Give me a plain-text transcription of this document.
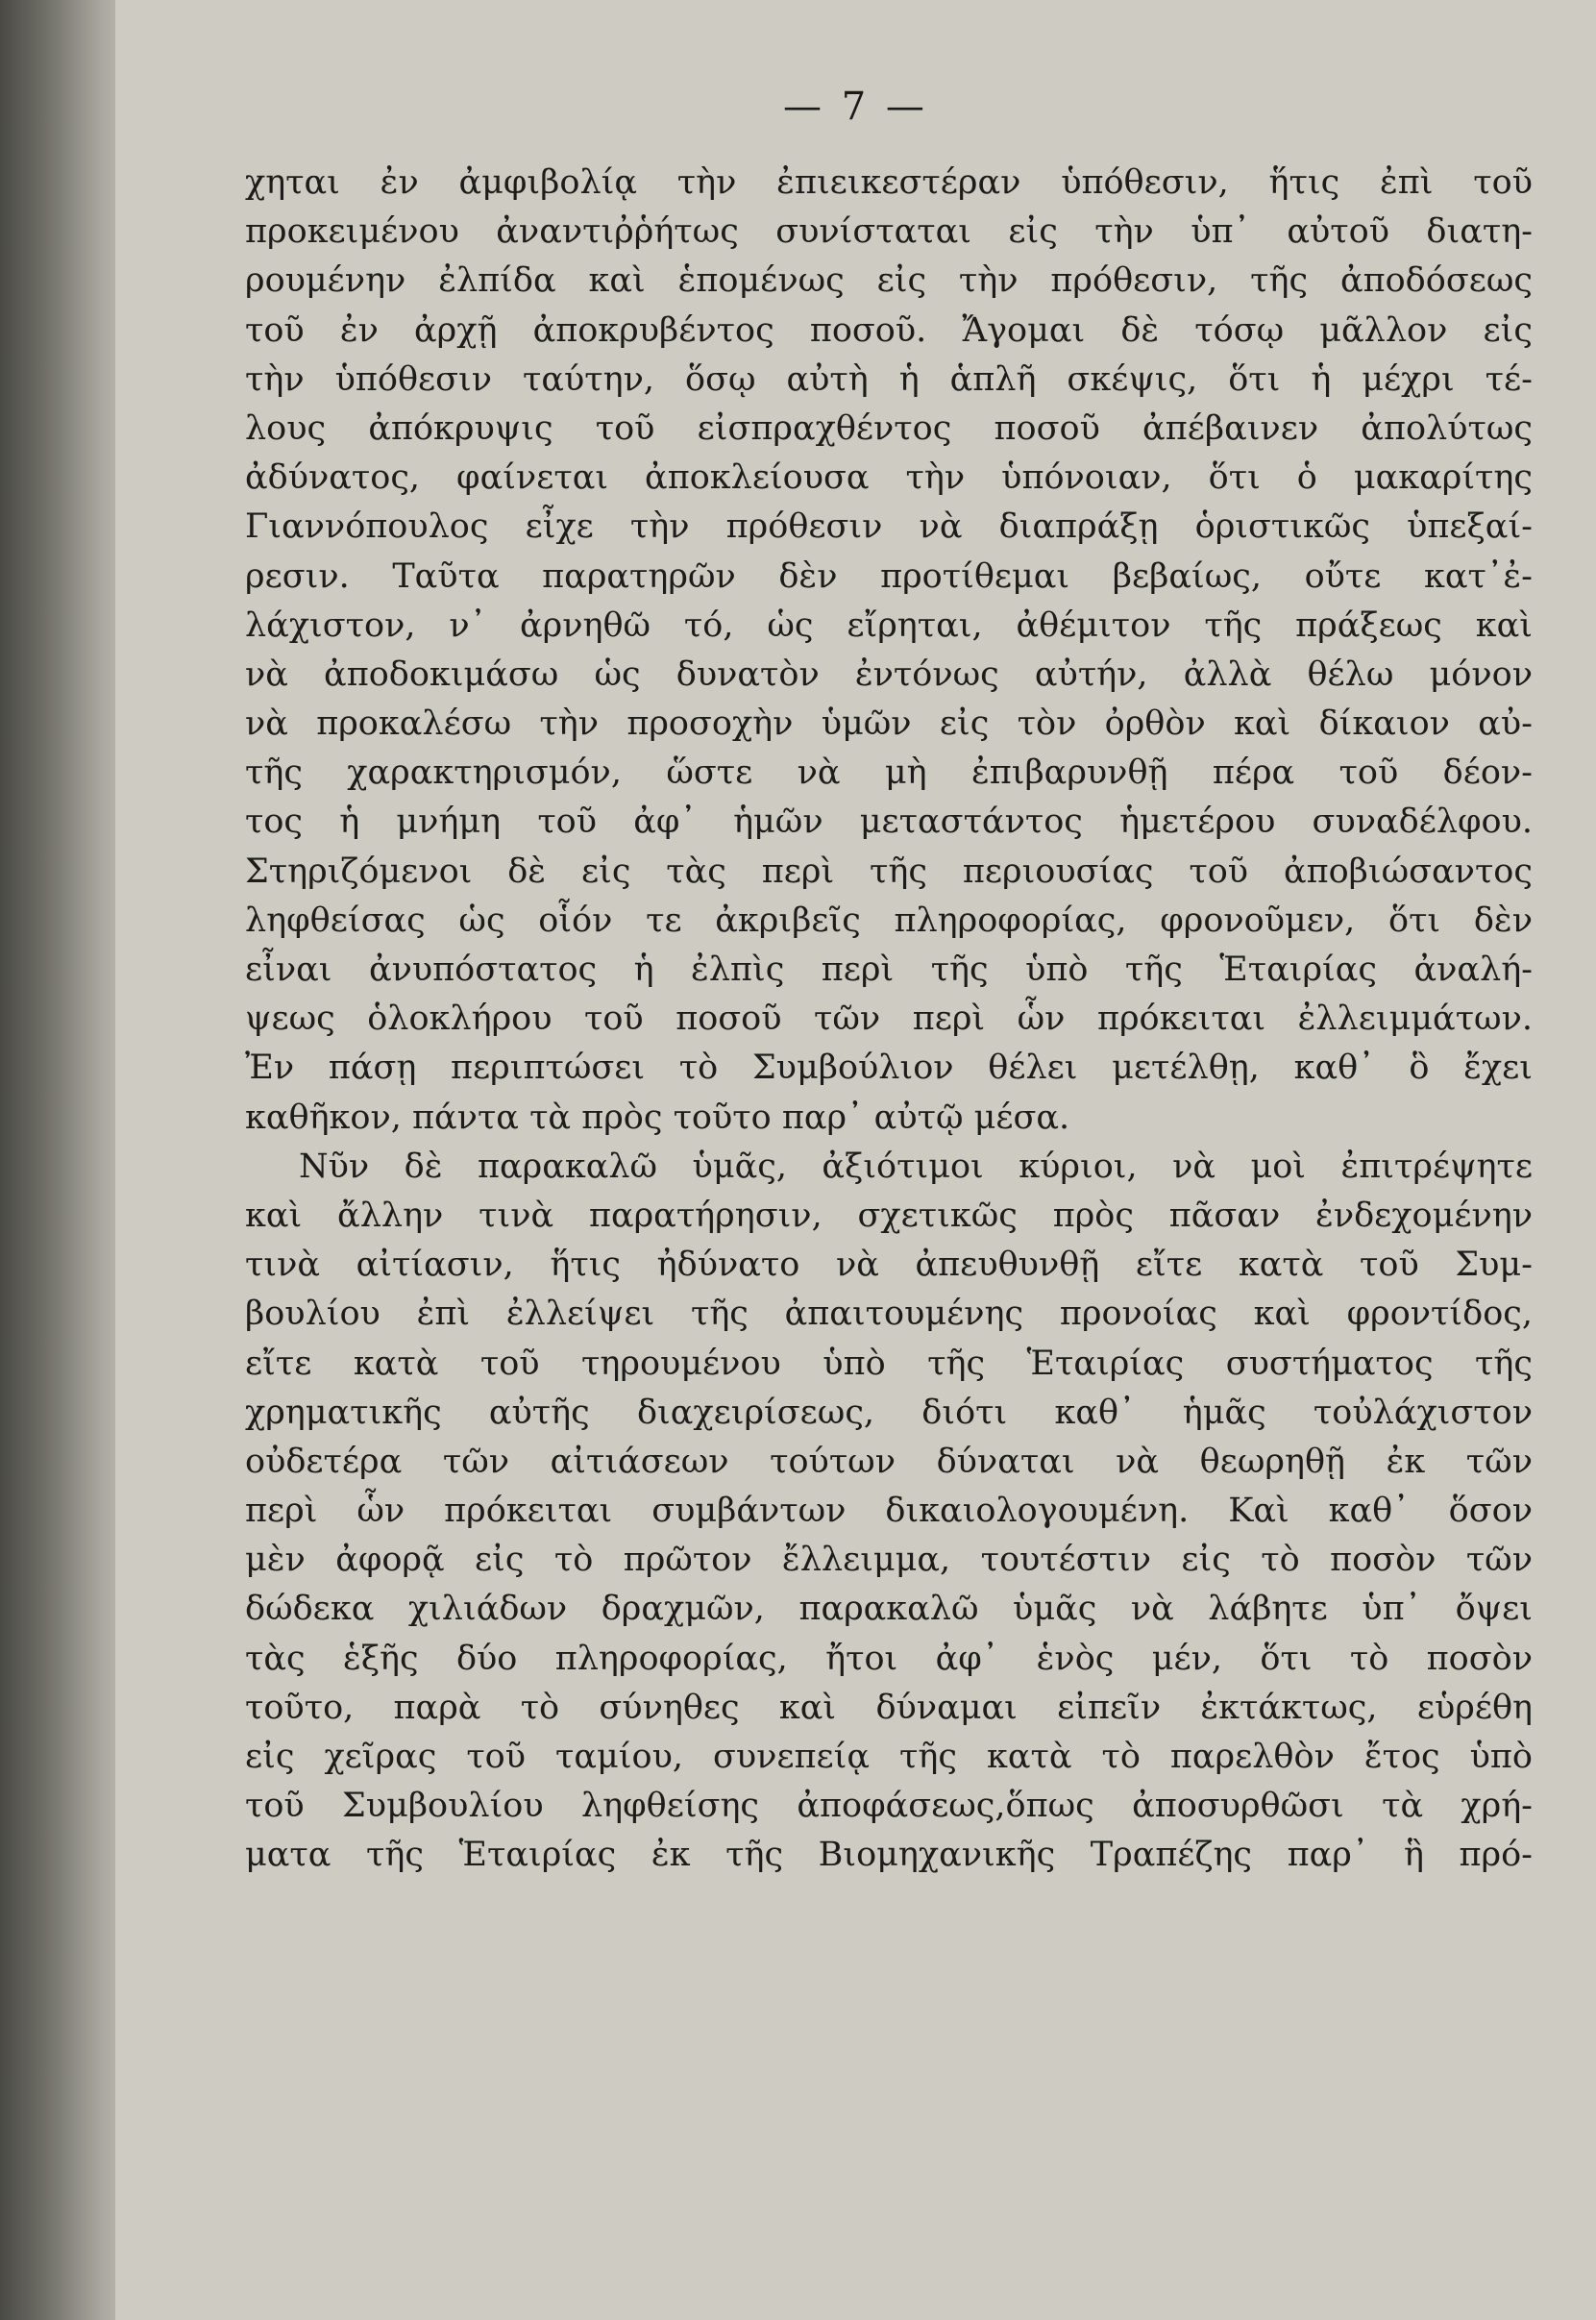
— 7 —
χηται ἐν ἀμφιβολίᾳ τὴν ἐπιεικεστέραν ὑπόθεσιν, ἥτις ἐπὶ τοῦ
προκειμένου ἀναντιῤῥήτως συνίσταται εἰς τὴν ὑπ᾽ αὐτοῦ διατη-
ρουμένην ἐλπίδα καὶ ἑπομένως εἰς τὴν πρόθεσιν, τῆς ἀποδόσεως
τοῦ ἐν ἀρχῇ ἀποκρυβέντος ποσοῦ. Ἄγομαι δὲ τόσῳ μᾶλλον εἰς
τὴν ὑπόθεσιν ταύτην, ὅσῳ αὐτὴ ἡ ἁπλῆ σκέψις, ὅτι ἡ μέχρι τέ-
λους ἀπόκρυψις τοῦ εἰσπραχθέντος ποσοῦ ἀπέβαινεν ἀπολύτως
ἀδύνατος, φαίνεται ἀποκλείουσα τὴν ὑπόνοιαν, ὅτι ὁ μακαρίτης
Γιαννόπουλος εἶχε τὴν πρόθεσιν νὰ διαπράξῃ ὁριστικῶς ὑπεξαί-
ρεσιν. Ταῦτα παρατηρῶν δὲν προτίθεμαι βεβαίως, οὔτε κατ᾽ἐ-
λάχιστον, ν᾽ ἀρνηθῶ τό, ὡς εἴρηται, ἀθέμιτον τῆς πράξεως καὶ
νὰ ἀποδοκιμάσω ὡς δυνατὸν ἐντόνως αὐτήν, ἀλλὰ θέλω μόνον
νὰ προκαλέσω τὴν προσοχὴν ὑμῶν εἰς τὸν ὀρθὸν καὶ δίκαιον αὐ-
τῆς χαρακτηρισμόν, ὥστε νὰ μὴ ἐπιβαρυνθῇ πέρα τοῦ δέον-
τος ἡ μνήμη τοῦ ἀφ᾽ ἡμῶν μεταστάντος ἡμετέρου συναδέλφου.
Στηριζόμενοι δὲ εἰς τὰς περὶ τῆς περιουσίας τοῦ ἀποβιώσαντος
ληφθείσας ὡς οἷόν τε ἀκριβεῖς πληροφορίας, φρονοῦμεν, ὅτι δὲν
εἶναι ἀνυπόστατος ἡ ἐλπὶς περὶ τῆς ὑπὸ τῆς Ἑταιρίας ἀναλή-
ψεως ὁλοκλήρου τοῦ ποσοῦ τῶν περὶ ὧν πρόκειται ἐλλειμμάτων.
Ἐν πάσῃ περιπτώσει τὸ Συμβούλιον θέλει μετέλθῃ, καθ᾽ ὃ ἔχει
καθῆκον, πάντα τὰ πρὸς τοῦτο παρ᾽ αὐτῷ μέσα.
Νῦν δὲ παρακαλῶ ὑμᾶς, ἀξιότιμοι κύριοι, νὰ μοὶ ἐπιτρέψητε
καὶ ἄλλην τινὰ παρατήρησιν, σχετικῶς πρὸς πᾶσαν ἐνδεχομένην
τινὰ αἰτίασιν, ἥτις ἠδύνατο νὰ ἀπευθυνθῇ εἴτε κατὰ τοῦ Συμ-
βουλίου ἐπὶ ἐλλείψει τῆς ἀπαιτουμένης προνοίας καὶ φροντίδος,
εἴτε κατὰ τοῦ τηρουμένου ὑπὸ τῆς Ἑταιρίας συστήματος τῆς
χρηματικῆς αὐτῆς διαχειρίσεως, διότι καθ᾽ ἡμᾶς τοὐλάχιστον
οὐδετέρα τῶν αἰτιάσεων τούτων δύναται νὰ θεωρηθῇ ἐκ τῶν
περὶ ὧν πρόκειται συμβάντων δικαιολογουμένη. Καὶ καθ᾽ ὅσον
μὲν ἀφορᾷ εἰς τὸ πρῶτον ἔλλειμμα, τουτέστιν εἰς τὸ ποσὸν τῶν
δώδεκα χιλιάδων δραχμῶν, παρακαλῶ ὑμᾶς νὰ λάβητε ὑπ᾽ ὄψει
τὰς ἑξῆς δύο πληροφορίας, ἤτοι ἀφ᾽ ἑνὸς μέν, ὅτι τὸ ποσὸν
τοῦτο, παρὰ τὸ σύνηθες καὶ δύναμαι εἰπεῖν ἐκτάκτως, εὑρέθη
εἰς χεῖρας τοῦ ταμίου, συνεπείᾳ τῆς κατὰ τὸ παρελθὸν ἔτος ὑπὸ
τοῦ Συμβουλίου ληφθείσης ἀποφάσεως,ὅπως ἀποσυρθῶσι τὰ χρή-
ματα τῆς Ἑταιρίας ἐκ τῆς Βιομηχανικῆς Τραπέζης παρ᾽ ἣ πρό-
